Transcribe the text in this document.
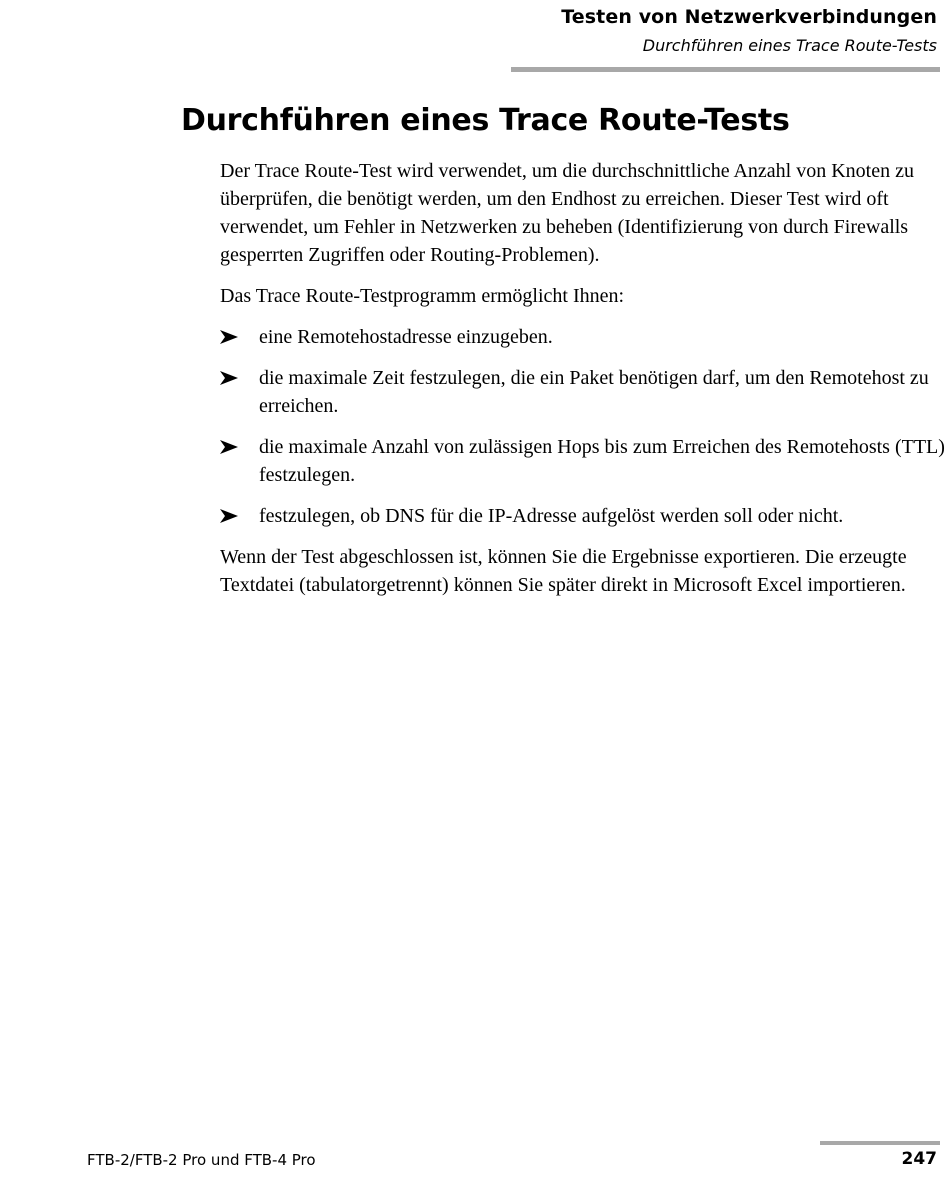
Testen von Netzwerkverbindungen
Durchführen eines Trace Route-Tests
Durchführen eines Trace Route-Tests

Der Trace Route-Test wird verwendet, um die durchschnittliche Anzahl von Knoten zu überprüfen, die benötigt werden, um den Endhost zu erreichen. Dieser Test wird oft verwendet, um Fehler in Netzwerken zu beheben (Identifizierung von durch Firewalls gesperrten Zugriffen oder Routing-Problemen).

Das Trace Route-Testprogramm ermöglicht Ihnen:

eine Remotehostadresse einzugeben.
die maximale Zeit festzulegen, die ein Paket benötigen darf, um den Remotehost zu erreichen.
die maximale Anzahl von zulässigen Hops bis zum Erreichen des Remotehosts (TTL) festzulegen.
festzulegen, ob DNS für die IP-Adresse aufgelöst werden soll oder nicht.

Wenn der Test abgeschlossen ist, können Sie die Ergebnisse exportieren. Die erzeugte Textdatei (tabulatorgetrennt) können Sie später direkt in Microsoft Excel importieren.

FTB-2/FTB-2 Pro und FTB-4 Pro	247
